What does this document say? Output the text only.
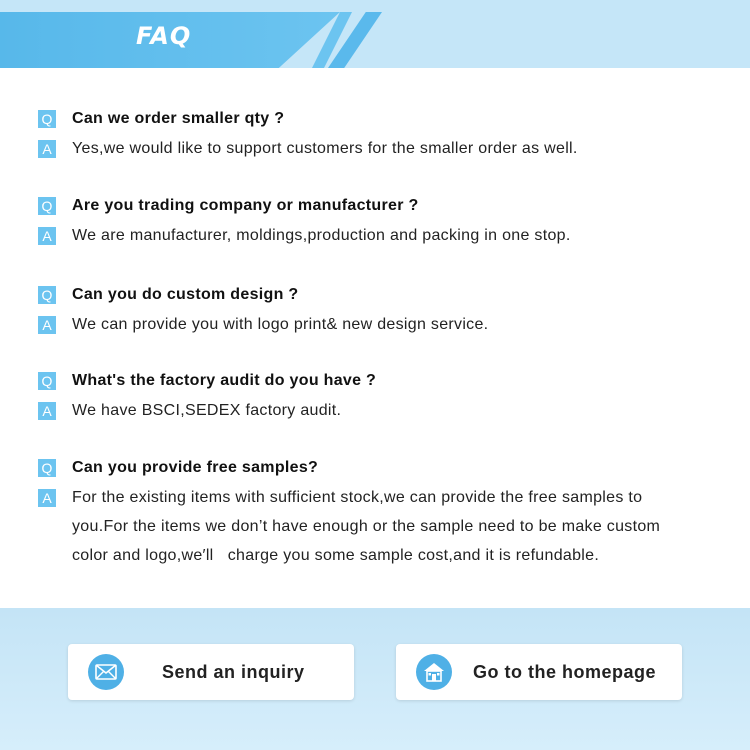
FAQ
Q Can we order smaller qty ?
A Yes,we would like to support customers for the smaller order as well.
Q Are you trading company or manufacturer ?
A We are manufacturer, moldings,production and packing in one stop.
Q Can you do custom design ?
A We can provide you with logo print& new design service.
Q What's the factory audit do you have ?
A We have BSCI,SEDEX factory audit.
Q Can you provide free samples?
A For the existing items with sufficient stock,we can provide the free samples to
you.For the items we don’t have enough or the sample need to be make custom
color and logo,we′ll   charge you some sample cost,and it is refundable.
Send an inquiry	Go to the homepage
